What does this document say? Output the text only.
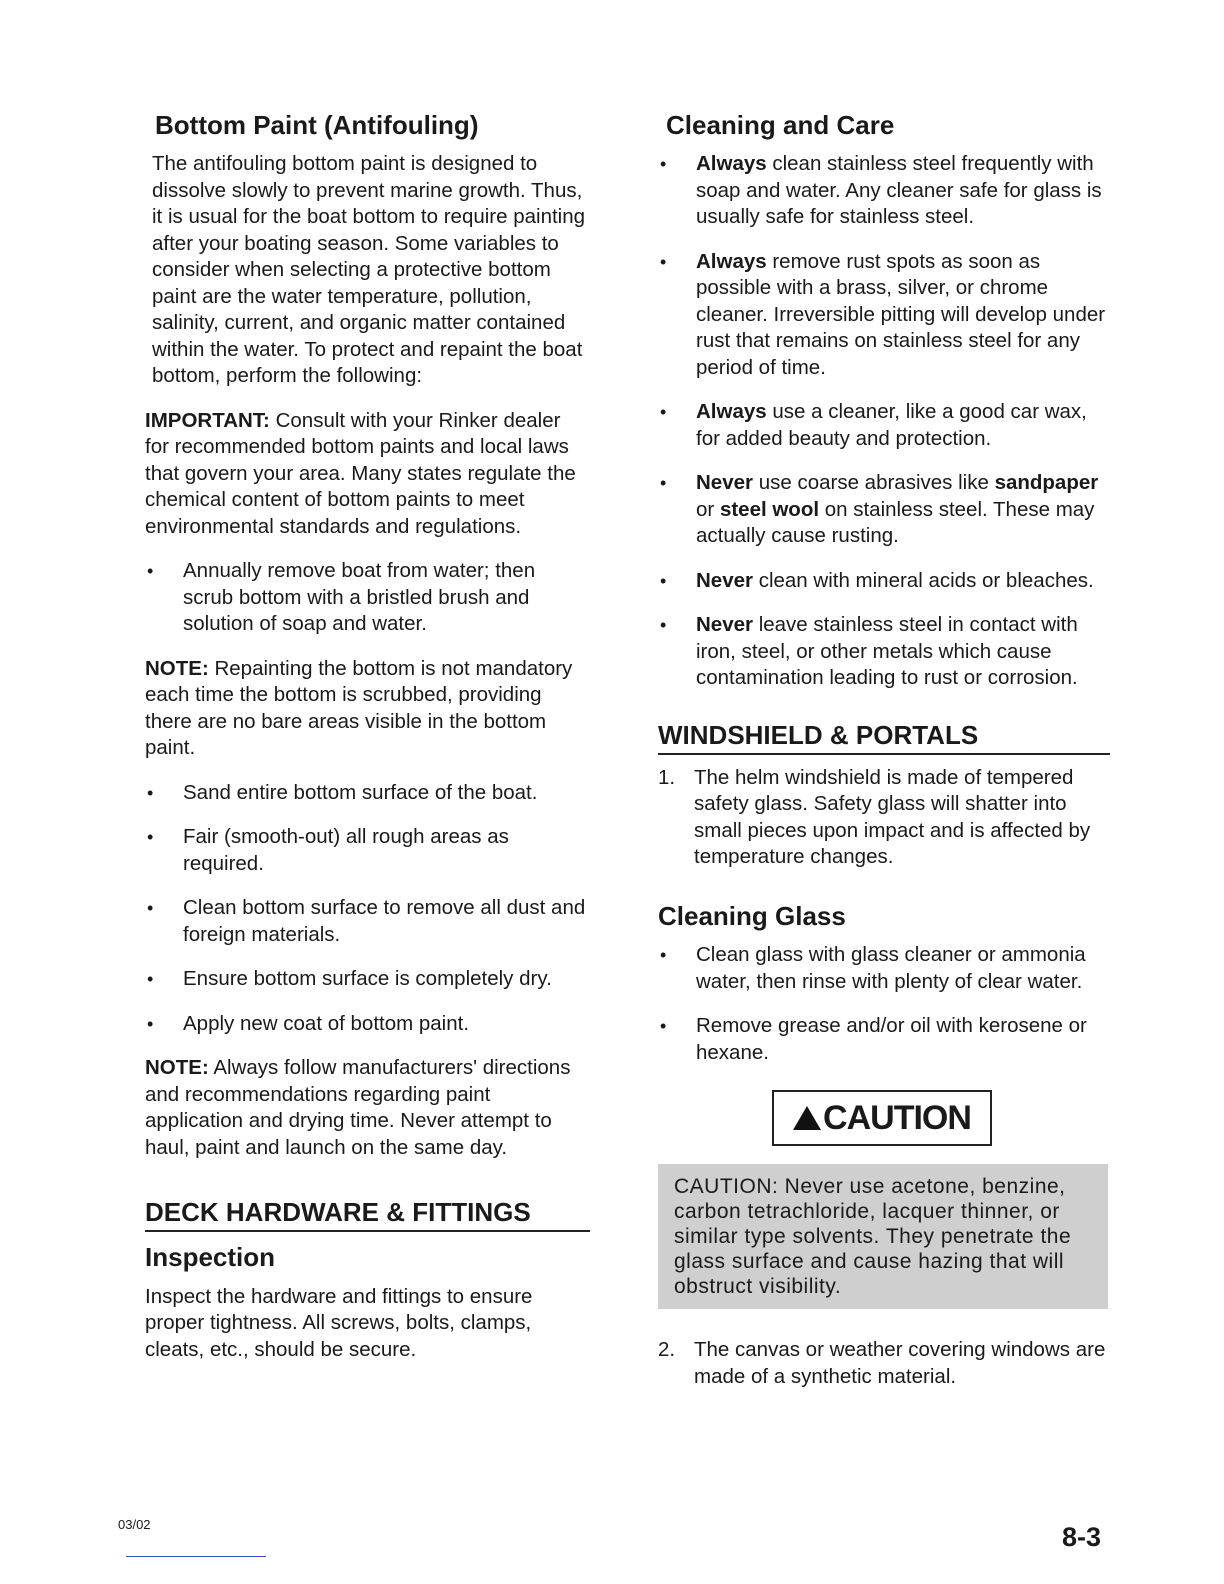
Bottom Paint (Antifouling)

The antifouling bottom paint is designed to dissolve slowly to prevent marine growth. Thus, it is usual for the boat bottom to require painting after your boating season. Some variables to consider when selecting a protective bottom paint are the water temperature, pollution, salinity, current, and organic matter contained within the water. To protect and repaint the boat bottom, perform the following:

IMPORTANT: Consult with your Rinker dealer for recommended bottom paints and local laws that govern your area. Many states regulate the chemical content of bottom paints to meet environmental standards and regulations.

• Annually remove boat from water; then scrub bottom with a bristled brush and solution of soap and water.

NOTE: Repainting the bottom is not mandatory each time the bottom is scrubbed, providing there are no bare areas visible in the bottom paint.

• Sand entire bottom surface of the boat.
• Fair (smooth-out) all rough areas as required.
• Clean bottom surface to remove all dust and foreign materials.
• Ensure bottom surface is completely dry.
• Apply new coat of bottom paint.

NOTE: Always follow manufacturers' directions and recommendations regarding paint application and drying time. Never attempt to haul, paint and launch on the same day.

DECK HARDWARE & FITTINGS
Inspection

Inspect the hardware and fittings to ensure proper tightness. All screws, bolts, clamps, cleats, etc., should be secure.

Cleaning and Care
• Always clean stainless steel frequently with soap and water. Any cleaner safe for glass is usually safe for stainless steel.
• Always remove rust spots as soon as possible with a brass, silver, or chrome cleaner. Irreversible pitting will develop under rust that remains on stainless steel for any period of time.
• Always use a cleaner, like a good car wax, for added beauty and protection.
• Never use coarse abrasives like sandpaper or steel wool on stainless steel. These may actually cause rusting.
• Never clean with mineral acids or bleaches.
• Never leave stainless steel in contact with iron, steel, or other metals which cause contamination leading to rust or corrosion.
WINDSHIELD & PORTALS
1. The helm windshield is made of tempered safety glass. Safety glass will shatter into small pieces upon impact and is affected by temperature changes.
Cleaning Glass
• Clean glass with glass cleaner or ammonia water, then rinse with plenty of clear water.
• Remove grease and/or oil with kerosene or hexane.
CAUTION
CAUTION: Never use acetone, benzine, carbon tetrachloride, lacquer thinner, or similar type solvents. They penetrate the glass surface and cause hazing that will obstruct visibility.
2. The canvas or weather covering windows are made of a synthetic material.
03/02	8-3
